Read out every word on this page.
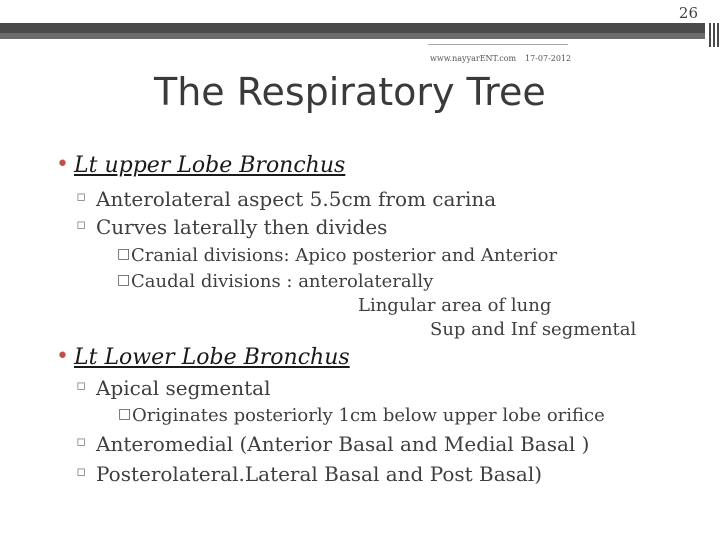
26
www.nayyarENT.com 17-07-2012
The Respiratory Tree
• Lt upper Lobe Bronchus
▫ Anterolateral aspect 5.5cm from carina
▫ Curves laterally then divides
□ Cranial divisions: Apico posterior and Anterior
□ Caudal divisions : anterolaterally
Lingular area of lung
Sup and Inf segmental
• Lt Lower Lobe Bronchus
▫ Apical segmental
□ Originates posteriorly 1cm below upper lobe orifice
▫ Anteromedial (Anterior Basal and Medial Basal )
▫ Posterolateral.Lateral Basal and Post Basal)
